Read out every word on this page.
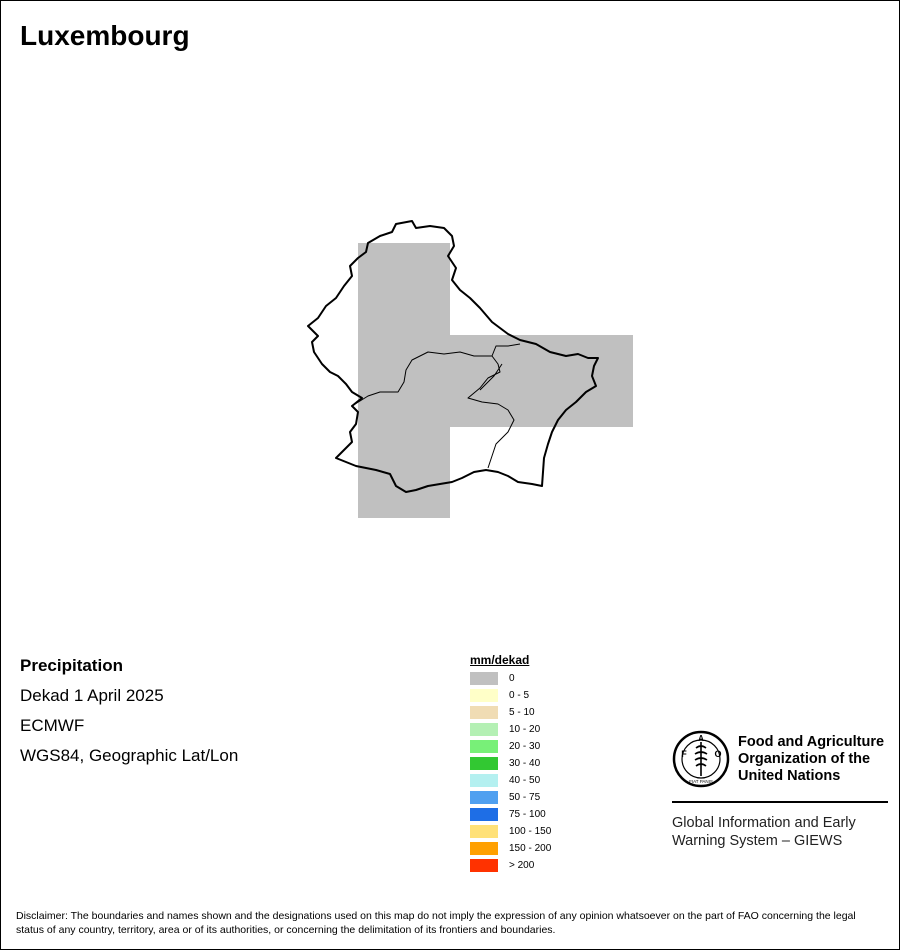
Luxembourg
Precipitation
Dekad 1 April 2025
ECMWF
WGS84, Geographic Lat/Lon
mm/dekad
0
0 - 5
5 - 10
10 - 20
20 - 30
30 - 40
40 - 50
50 - 75
75 - 100
100 - 150
150 - 200
> 200
F
A
O
FIAT PANIS
Food and Agriculture
Organization of the
United Nations
Global Information and Early
Warning System – GIEWS
Disclaimer: The boundaries and names shown and the designations used on this map do not imply the expression of any opinion whatsoever on the part of FAO concerning the legal status of any country, territory, area or of its authorities, or concerning the delimitation of its frontiers and boundaries.
